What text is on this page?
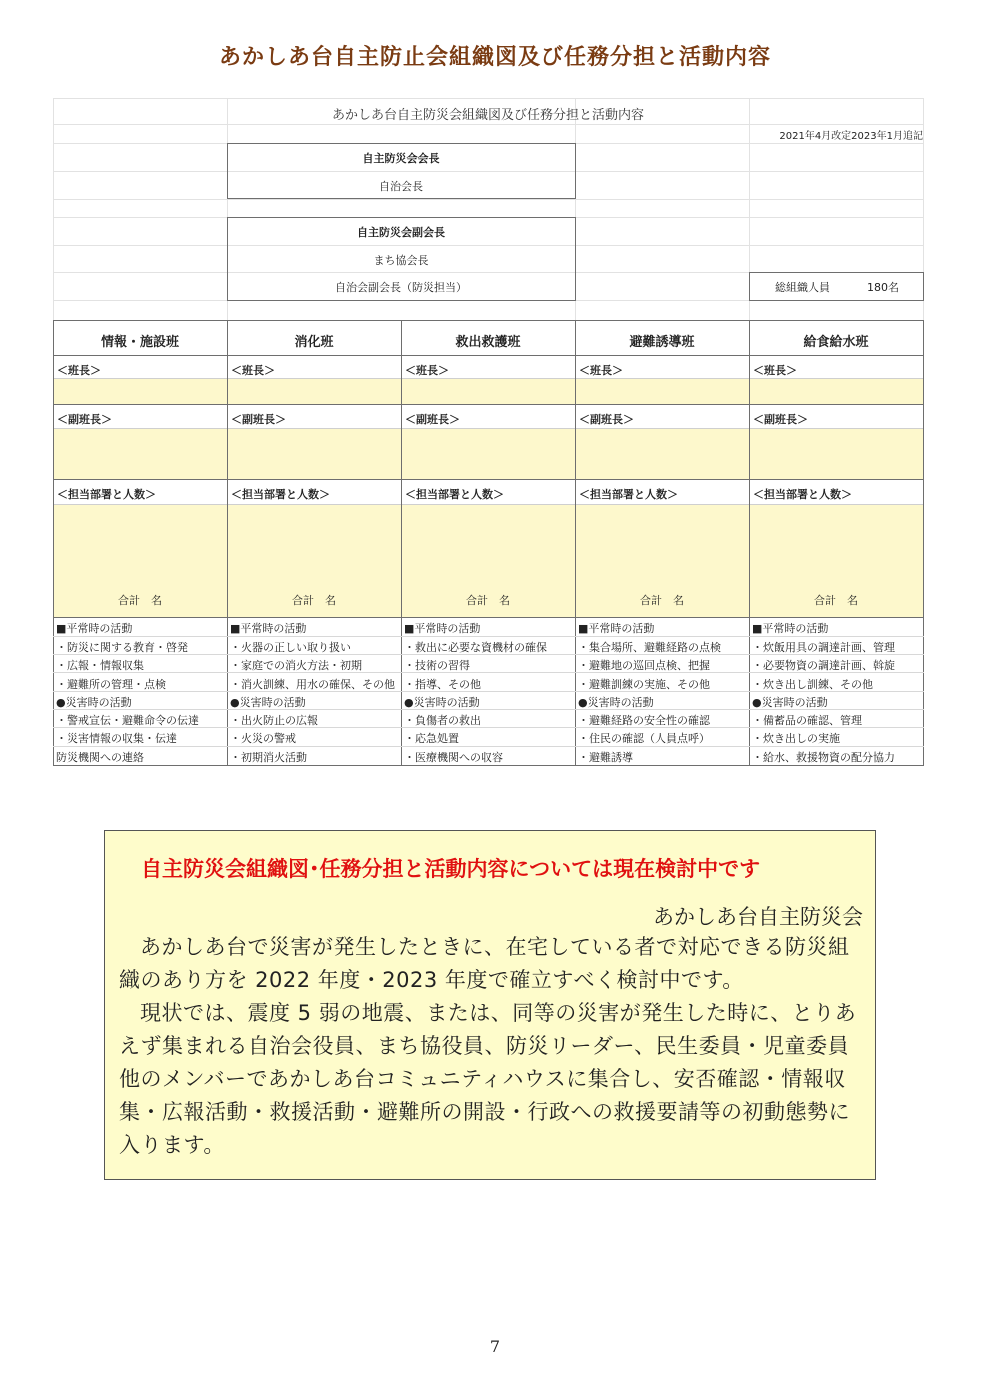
あかしあ台自主防止会組織図及び任務分担と活動内容
あかしあ台自主防災会組織図及び任務分担と活動内容
2021年4月改定2023年1月追記
自主防災会会長
自治会長
自主防災会副会長
まち協会長
自治会副会長（防災担当）	総組織人員	180名
情報・施設班
＜班長＞
＜副班長＞
＜担当部署と人数＞
合計　名
■平常時の活動
・防災に関する教育・啓発
・広報・情報収集
・避難所の管理・点検
●災害時の活動
・警戒宣伝・避難命令の伝達
・災害情報の収集・伝達
防災機関への連絡
消化班
＜班長＞
＜副班長＞
＜担当部署と人数＞
合計　名
■平常時の活動
・火器の正しい取り扱い
・家庭での消火方法・初期
・消火訓練、用水の確保、その他
●災害時の活動
・出火防止の広報
・火災の警戒
・初期消火活動
救出救護班
＜班長＞
＜副班長＞
＜担当部署と人数＞
合計　名
■平常時の活動
・救出に必要な資機材の確保
・技術の習得
・指導、その他
●災害時の活動
・負傷者の救出
・応急処置
・医療機関への収容
避難誘導班
＜班長＞
＜副班長＞
＜担当部署と人数＞
合計　名
■平常時の活動
・集合場所、避難経路の点検
・避難地の巡回点検、把握
・避難訓練の実施、その他
●災害時の活動
・避難経路の安全性の確認
・住民の確認（人員点呼）
・避難誘導
給食給水班
＜班長＞
＜副班長＞
＜担当部署と人数＞
合計　名
■平常時の活動
・炊飯用具の調達計画、管理
・必要物資の調達計画、斡旋
・炊き出し訓練、その他
●災害時の活動
・備蓄品の確認、管理
・炊き出しの実施
・給水、救援物資の配分協力
自主防災会組織図･任務分担と活動内容については現在検討中です
あかしあ台自主防災会

あかしあ台で災害が発生したときに、在宅している者で対応できる防災組織のあり方を 2022 年度・2023 年度で確立すべく検討中です。

現状では、震度 5 弱の地震、または、同等の災害が発生した時に、とりあえず集まれる自治会役員、まち協役員、防災リーダー、民生委員・児童委員他のメンバーであかしあ台コミュニティハウスに集合し、安否確認・情報収集・広報活動・救援活動・避難所の開設・行政への救援要請等の初動態勢に入ります。

7
